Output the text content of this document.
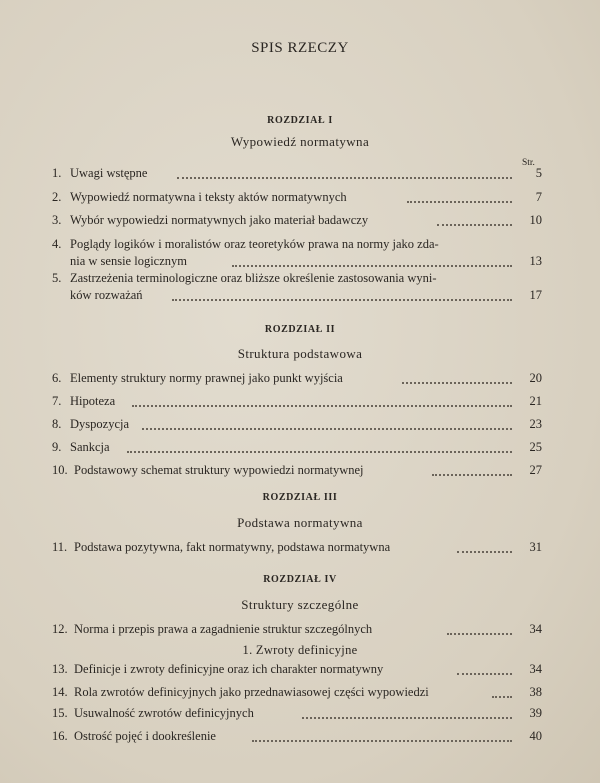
SPIS RZECZY
ROZDZIAŁ I
Wypowiedź normatywna
Str.
1. Uwagi wstępne	5
2. Wypowiedź normatywna i teksty aktów normatywnych	7
3. Wybór wypowiedzi normatywnych jako materiał badawczy	10
4. Poglądy logików i moralistów oraz teoretyków prawa na normy jako zda-
nia w sensie logicznym	13
5. Zastrzeżenia terminologiczne oraz bliższe określenie zastosowania wyni-
ków rozważań	17
ROZDZIAŁ II
Struktura podstawowa
6. Elementy struktury normy prawnej jako punkt wyjścia	20
7. Hipoteza	21
8. Dyspozycja	23
9. Sankcja	25
10. Podstawowy schemat struktury wypowiedzi normatywnej	27
ROZDZIAŁ III
Podstawa normatywna
11. Podstawa pozytywna, fakt normatywny, podstawa normatywna	31
ROZDZIAŁ IV
Struktury szczególne
12. Norma i przepis prawa a zagadnienie struktur szczególnych	34
1. Zwroty definicyjne
13. Definicje i zwroty definicyjne oraz ich charakter normatywny	34
14. Rola zwrotów definicyjnych jako przednawiasowej części wypowiedzi	38
15. Usuwalność zwrotów definicyjnych	39
16. Ostrość pojęć i dookreślenie	40
